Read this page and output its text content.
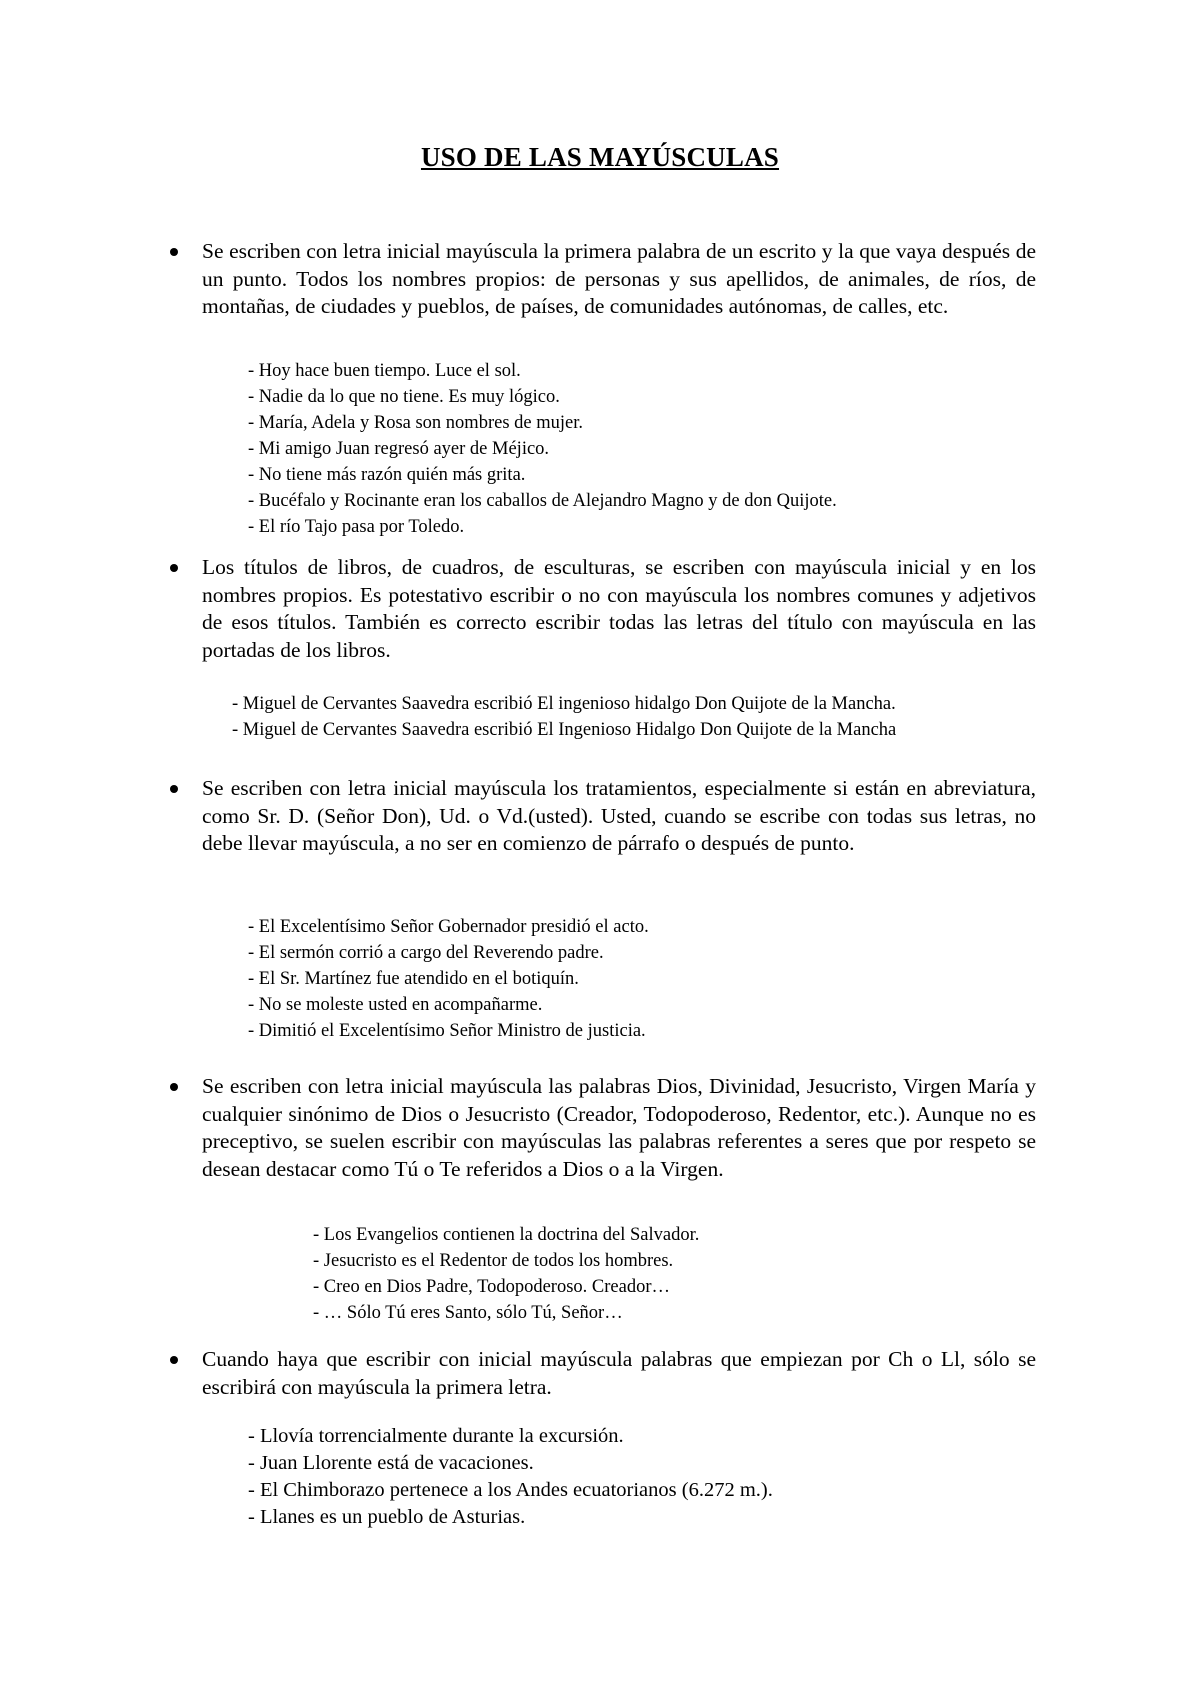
USO DE LAS MAYÚSCULAS
Se escriben con letra inicial mayúscula la primera palabra de un escrito y la que vaya después de un punto. Todos los nombres propios: de personas y sus apellidos, de animales, de ríos, de montañas, de ciudades y pueblos, de países, de comunidades autónomas, de calles, etc.
- Hoy hace buen tiempo. Luce el sol.
- Nadie da lo que no tiene. Es muy lógico.
- María, Adela y Rosa son nombres de mujer.
- Mi amigo Juan regresó ayer de Méjico.
- No tiene más razón quién más grita.
- Bucéfalo y Rocinante eran los caballos de Alejandro Magno y de don Quijote.
- El río Tajo pasa por Toledo.
Los títulos de libros, de cuadros, de esculturas, se escriben con mayúscula inicial y en los nombres propios. Es potestativo escribir o no con mayúscula los nombres comunes y adjetivos de esos títulos. También es correcto escribir todas las letras del título con mayúscula en las portadas de los libros.
- Miguel de Cervantes Saavedra escribió El ingenioso hidalgo Don Quijote de la Mancha.
- Miguel de Cervantes Saavedra escribió El Ingenioso Hidalgo Don Quijote de la Mancha
Se escriben con letra inicial mayúscula los tratamientos, especialmente si están en abreviatura, como Sr. D. (Señor Don), Ud. o Vd.(usted). Usted, cuando se escribe con todas sus letras, no debe llevar mayúscula, a no ser en comienzo de párrafo o después de punto.
- El Excelentísimo Señor Gobernador presidió el acto.
- El sermón corrió a cargo del Reverendo padre.
- El Sr. Martínez fue atendido en el botiquín.
- No se moleste usted en acompañarme.
- Dimitió el Excelentísimo Señor Ministro de justicia.
Se escriben con letra inicial mayúscula las palabras Dios, Divinidad, Jesucristo, Virgen María y cualquier sinónimo de Dios o Jesucristo (Creador, Todopoderoso, Redentor, etc.). Aunque no es preceptivo, se suelen escribir con mayúsculas las palabras referentes a seres que por respeto se desean destacar como Tú o Te referidos a Dios o a la Virgen.
- Los Evangelios contienen la doctrina del Salvador.
- Jesucristo es el Redentor de todos los hombres.
- Creo en Dios Padre, Todopoderoso. Creador…
- … Sólo Tú eres Santo, sólo Tú, Señor…
Cuando haya que escribir con inicial mayúscula palabras que empiezan por Ch o Ll, sólo se escribirá con mayúscula la primera letra.
- Llovía torrencialmente durante la excursión.
- Juan Llorente está de vacaciones.
- El Chimborazo pertenece a los Andes ecuatorianos (6.272 m.).
- Llanes es un pueblo de Asturias.
